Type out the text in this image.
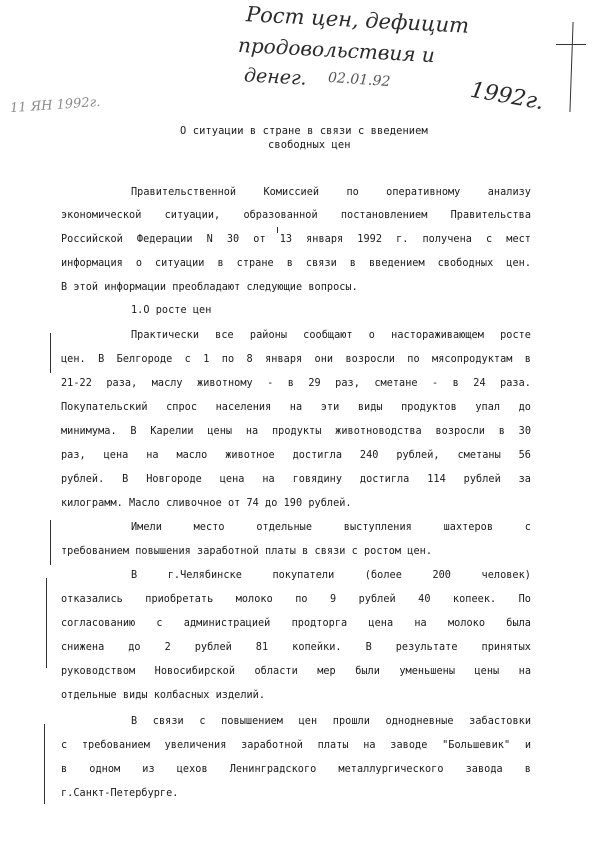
Рост цен, дефицит
продовольствия и
денег. 02.01.92	1992г.
11 ЯН 1992г.
О ситуации в стране в связи с введением
свободных цен
Правительственной Комиссией по оперативному анализу
экономической ситуации, образованной постановлением Правительства
Российской Федерации N 30 от 13 января 1992 г. получена с мест
информация о ситуации в стране в связи в введением свободных цен.
В этой информации преобладают следующие вопросы.
1.О росте цен
Практически все районы сообщают о настораживающем росте
цен. В Белгороде с 1 по 8 января они возросли по мясопродуктам в
21-22 раза, маслу животному - в 29 раз, сметане - в 24 раза.
Покупательский спрос населения на эти виды продуктов упал до
минимума. В Карелии цены на продукты животноводства возросли в 30
раз, цена на масло животное достигла 240 рублей, сметаны 56
рублей. В Новгороде цена на говядину достигла 114 рублей за
килограмм. Масло сливочное от 74 до 190 рублей.
Имели место отдельные выступления шахтеров с
требованием повышения заработной платы в связи с ростом цен.
В г.Челябинске покупатели (более 200 человек)
отказались приобретать молоко по 9 рублей 40 копеек. По
согласованию с администрацией продторга цена на молоко была
снижена до 2 рублей 81 копейки. В результате принятых
руководством Новосибирской области мер были уменьшены цены на
отдельные виды колбасных изделий.
В связи с повышением цен прошли однодневные забастовки
с требованием увеличения заработной платы на заводе "Большевик" и
в одном из цехов Ленинградского металлургического завода в
г.Санкт-Петербурге.
